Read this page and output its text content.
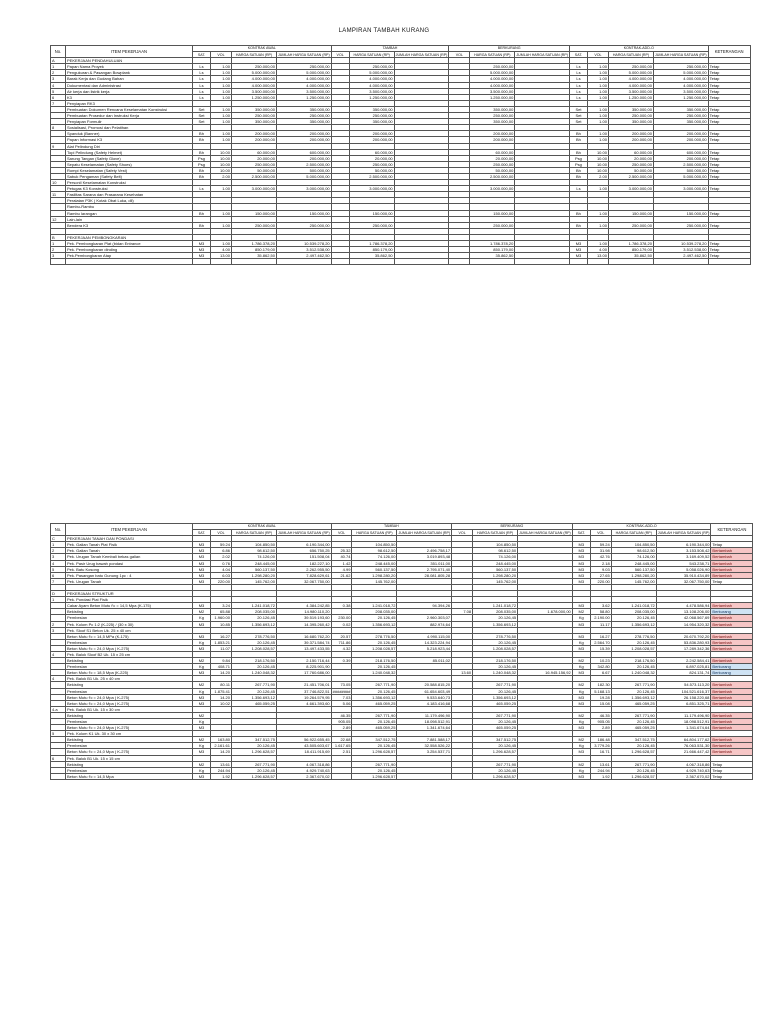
LAMPIRAN TAMBAH KURANG
No.	ITEM PEKERJAAN	KONTRAK AWAL				TAMBAH			BERKURANG			KONTRAK-ADD-O				KETERANGAN
		SAT.	VOL	HARGA SATUAN (RP)	JUMLAH HARGA SATUAN (RP)	VOL	HARGA SATUAN (RP)	JUMLAH HARGA SATUAN (RP)	VOL	HARGA SATUAN (RP)	JUMLAH HARGA SATUAN (RP)	SAT.	VOL	HARGA SATUAN (RP)	JUMLAH HARGA SATUAN (RP)	
A	PEKERJAAN PENDAHULUAN															
1	Papan Nama Proyek	Ls	1.00	250.000,00	250.000,00		250.000,00			250.000,00		Ls	1.00	250.000,00	250.000,00	Tetap
2	Pengukuran & Pasangan Bowplank	Ls	1.00	5.000.000,00	5.000.000,00		5.000.000,00			5.000.000,00		Ls	1.00	5.000.000,00	5.000.000,00	Tetap
3	Barak Kerja dan Gudang Bahan	Ls	1.00	4.000.000,00	4.000.000,00		4.000.000,00			4.000.000,00		Ls	1.00	4.000.000,00	4.000.000,00	Tetap
4	Dokumentasi dan Administrasi	Ls	1.00	4.000.000,00	4.000.000,00		4.000.000,00			4.000.000,00		Ls	1.00	4.000.000,00	4.000.000,00	Tetap
5	Air kerja dan listrik kerja	Ls	1.00	3.500.000,00	3.500.000,00		3.500.000,00			3.500.000,00		Ls	1.00	3.500.000,00	3.500.000,00	Tetap
6	K3	Ls	1.00	1.250.000,00	1.250.000,00		1.250.000,00			1.250.000,00		Ls	1.00	1.250.000,00	1.250.000,00	Tetap
7	Penyiapan RK3															
	Pembuatan Dokumen Rencana Keselamatan Konstruksi	Set	1.00	350.000,00	350.000,00		350.000,00			350.000,00		Set	1.00	350.000,00	350.000,00	Tetap
	Pembuatan Prosedur dan Instruksi Kerja	Set	1.00	250.000,00	250.000,00		250.000,00			250.000,00		Set	1.00	250.000,00	250.000,00	Tetap
	Penyiapan Formulir	Set	1.00	350.000,00	350.000,00		350.000,00			350.000,00		Set	1.00	350.000,00	350.000,00	Tetap
8	Sosialisasi, Promosi dan Pelatihan															
	Spanduk (Banner)	Bh	1.00	200.000,00	200.000,00		200.000,00			200.000,00		Bh	1.00	200.000,00	200.000,00	Tetap
	Papan Informasi K3	Bh	1.00	200.000,00	200.000,00		200.000,00			200.000,00		Bh	1.00	200.000,00	200.000,00	Tetap
9	Alat Pelindung Diri															
	Topi Pelindung (Safety Helmet)	Bh	10.00	60.000,00	600.000,00		60.000,00			60.000,00		Bh	10.00	60.000,00	600.000,00	Tetap
	Sarung Tangan (Safety Glove)	Psg	10.00	20.000,00	200.000,00		20.000,00			20.000,00		Psg	10.00	20.000,00	200.000,00	Tetap
	Sepatu Keselamatan (Safety Shoes)	Psg	10.00	250.000,00	2.500.000,00		250.000,00			250.000,00		Psg	10.00	250.000,00	2.500.000,00	Tetap
	Rompi Keselamatan (Safety Vest)	Bh	10.00	50.000,00	500.000,00		50.000,00			50.000,00		Bh	10.00	50.000,00	500.000,00	Tetap
	Sabuk Pengaman (Safety Belt)	Bh	2.00	2.500.000,00	5.000.000,00		2.500.000,00			2.500.000,00		Bh	2.00	2.500.000,00	5.000.000,00	Tetap
10	Personil Keselamatan Konstruksi															
	Petugas K3 Konstruksi	Ls	1.00	3.000.000,00	3.000.000,00		3.000.000,00			3.000.000,00		Ls	1.00	3.000.000,00	3.000.000,00	Tetap
11	Fasilitas Sarana dan Prasarana Kesehatan															
	Peralatan P3K ( Kotak Obat Luka, dll)															
	Rambu-Rambu															
	Rambu larangan	Bh	1.00	150.000,00	150.000,00		150.000,00			150.000,00		Bh	1.00	150.000,00	150.000,00	Tetap
12	Lain-lain															
	Bendera K3	Bh	1.00	250.000,00	250.000,00		250.000,00			250.000,00		Bh	1.00	250.000,00	250.000,00	Tetap

B	PEKERJAAN PEMBONGKARAN															
1	Pek. Pembongkaran Plat (bidan Entrance	M3	1.00	1.786.378,20	10.539.278,20		1.786.378,20			1.786.378,20		M3	1.00	1.786.378,20	10.539.278,20	Tetap
2	Pek. Pembongkaran dinding	M3	4.00	850.179,00	3.512.538,00		850.179,00			850.179,00		M3	4.00	850.179,00	3.512.538,00	Tetap
3	Pek.Pembongkaran Atap	M3	13.00	35.862,50	2.497.462,50		35.862,50			35.862,50		M3	13.00	35.862,50	2.497.462,50	Tetap

No.	ITEM PEKERJAAN	KONTRAK AWAL				TAMBAH			BERKURANG			KONTRAK-ADD-O				KETERANGAN
		SAT.	VOL	HARGA SATUAN (RP)	JUMLAH HARGA SATUAN (RP)	VOL	HARGA SATUAN (RP)	JUMLAH HARGA SATUAN (RP)	VOL	HARGA SATUAN (RP)	JUMLAH HARGA SATUAN (RP)	SAT.	VOL	HARGA SATUAN (RP)	JUMLAH HARGA SATUAN (RP)	
C	PEKERJAAN TANAH DAN PONDASI															
1	Pek. Galian Tanah Plat Fisik	M3	59.24	104.850,50	6.190.344,00		104.850,50			104.850,50		M3	59.24	104.850,50	6.190.344,00	Tetap
2	Pek. Galian Tanah	M3	6.86	98.612,50	656.750,25	25.32	98.612,50	2.496.758,17		98.612,50		M3	31.98	98.612,50	3.153.508,42	Bertambah
3	Pek. Urugan Tanah Kembali bekas galian	M3	2.02	74.126,00	151.508,04	40.74	74.126,00	3.019.893,48		74.126,00		M3	42.76	74.126,00	3.169.409,52	Bertambah
4	Pek. Pasir Urug bawah pondasi	M3	0.76	248.445,00	182.227,10	1.42	248.445,00	351.011,00		248.445,00		M3	2.18	248.445,00	543.238,71	Bertambah
5	Pek. Batu Kosong	M3	4.04	560.137,50	2.262.955,50	4.99	560.137,50	2.795.071,40		560.137,50		M3	9.03	560.137,50	5.058.026,90	Bertambah
6	Pek. Pasangan batu Gunung 1pc : 4	M3	6.03	1.298.280,20	7.828.629,61	21.62	1.298.280,20	28.081.805,28		1.298.280,20		M3	27.65	1.298.280,20	35.910.434,89	Bertambah
7	Pek. Urugan Tanah	M3	220.00	145.762,00	32.067.750,00		145.762,00			145.762,00		M3	220.00	145.762,00	32.067.750,00	Tetap

D	PEKERJAAN STRUKTUR															
1	Pek. Pondasi Plat Fisik															
	Cakar Ayam Beton Mutu f'c = 14,5 Mpa (K-175)	M3	3.24	1.241.018,72	4.384.242,85	0.38	1.241.018,72	94.394,26		1.241.018,72		M3	3.62	1.241.018,72	4.478.586,94	Bertambah
	Bekisting	M2	65.88	208.035,00	14.980.110,20		208.035,00		7.08	208.035,00	1.678.000,00	M2	58.80	208.035,00	13.108.206,00	Berkurang
	Pembesian	Kg	1.960.00	20.126,45	39.519.193,60	230.00	20.126,45	2.960.303,07		20.126,45		Kg	2.190.00	20.126,45	42.068.567,69	Bertambah
2	Pek. Kolom Pc 1:2 (K-225) / (30 x 30)	M3	10.85	1.356.693,12	14.395.260,42	0.02	1.356.693,12	882.974,64		1.356.693,12		M3	11.17	1.356.693,12	14.954.320,32	Bertambah
3	Pek. Sloof S1 Beton Uk. 25 x 40 cm															
	Beton Mutu f'c = 14,5 MPa (K-175)	M3	16.27	278.776,50	16.680.762,20	20.57	278.776,50	4.990.115,00		278.776,50		M3	16.27	278.776,50	20.670.792,20	Bertambah
	Pembesian	Kg	1.853.21	20.126,45	39.371.584,74	711.86	20.126,45	14.323.224,94		20.126,45		Kg	2.564.70	20.126,45	53.836.280,93	Bertambah
	Beton Mutu f'c = 24,0 Mpa ( K-275)	M3	11.07	1.208.028,57	13.497.433,55	4.32	1.208.028,57	5.218.923,44		1.208.028,57		M3	15.39	1.208.028,57	17.289.342,36	Bertambah
4	Pek. Balok Sloof B2 Uk. 15 x 25 cm															
	Bekisting	M2	9.84	218.176,50	2.150.716,44	0.39	218.176,50	85.011,02		218.176,50		M2	10.23	218.176,50	2.242.584,41	Bertambah
	Pembesian	Kg	408.71	20.126,45	8.225.901,90		20.126,45			20.126,45		Kg	342.80	20.126,45	6.897.025,81	Berkurang
	Beton Mutu f'c = 18,5 Mpa (K-225)	M3	14.20	1.240.048,32	17.760.686,00		1.240.048,32		13.60	1.240.048,32	16.945.156,92	M3	6.67	1.240.048,32	824.131,74	Berkurang
4	Pek. Balok B1 Uk. 25 x 40 cm															
	Bekisting	M2	80.11	267.771,90	21.451.706,01	73.05	267.771,90	20.588.815,20		267.771,90		M2	182.30	267.771,90	54.573.113,20	Bertambah
	Pembesian	Kg	1.875.41	20.126,45	37.746.822,51	########	20.126,45	61.654.603,49		20.126,45		Kg	5.168.13	20.126,45	104.521.616,37	Bertambah
	Beton Mutu f'c = 24,0 Mpa ( K-275)	M3	14.20	1.356.693,12	19.264.579,95	7.03	1.356.693,12	9.533.640,73		1.356.693,12		M3	19.28	1.356.693,12	26.158.220,68	Bertambah
	Beton Mutu f'c = 24,0 Mpa ( K-275)	M3	10.02	465.059,25	4.661.393,60	5.06	465.059,25	4.183.416,68		465.059,25		M3	15.08	465.059,25	6.851.325,71	Bertambah
4.a	Pek. Balok B1 Uk. 15 x 30 cm															
	Bekisting	M2				46.35	267.771,90	11.179.496,90		267.771,90		M2	46.35	267.771,90	11.179.496,90	Bertambah
	Pembesian	Kg				905.05	20.126,45	18.098.512,91		20.126,45		Kg	905.05	20.126,45	18.098.512,91	Bertambah
	Beton Mutu f'c = 24,0 Mpa ( K-275)	M3				2.89	465.059,25	1.341.674,64		465.059,25		M3	2.89	465.059,25	1.341.674,64	Bertambah
5	Pek. Kolom K1 Uk. 30 x 30 cm															
	Bekisting	M2	163.80	347.512,75	56.922.655,45	22.68	347.512,75	7.881.588,17		347.512,75		M2	186.48	347.512,75	64.804.177,62	Bertambah
	Pembesian	Kg	2.161.61	20.126,45	43.505.603,67	1.617.65	20.126,45	32.558.526,22		20.126,45		Kg	3.779.26	20.126,45	76.063.531,30	Bertambah
	Beton Mutu f'c = 24,0 Mpa ( K-275)	M3	14.20	1.296.628,57	18.411.915,69	2.51	1.296.628,57	3.254.537,71		1.296.628,57		M3	16.71	1.296.628,57	21.666.447,42	Bertambah
6	Pek. Balok B1 Uk. 15 x 15 cm															
	Bekisting	M2	13.61	267.771,90	4.067.318,86		267.771,90			267.771,90		M2	13.61	267.771,90	4.067.318,86	Tetap
	Pembesian	Kg	244.94	20.126,45	4.929.740,63		20.126,45			20.126,45		Kg	244.94	20.126,45	4.929.740,63	Tetap
	Beton Mutu f'c = 14,5 Mpa	M3	1.92	1.296.628,57	2.367.670,02		1.296.628,57			1.296.628,57		M3	1.92	1.296.628,57	2.367.670,02	Tetap
